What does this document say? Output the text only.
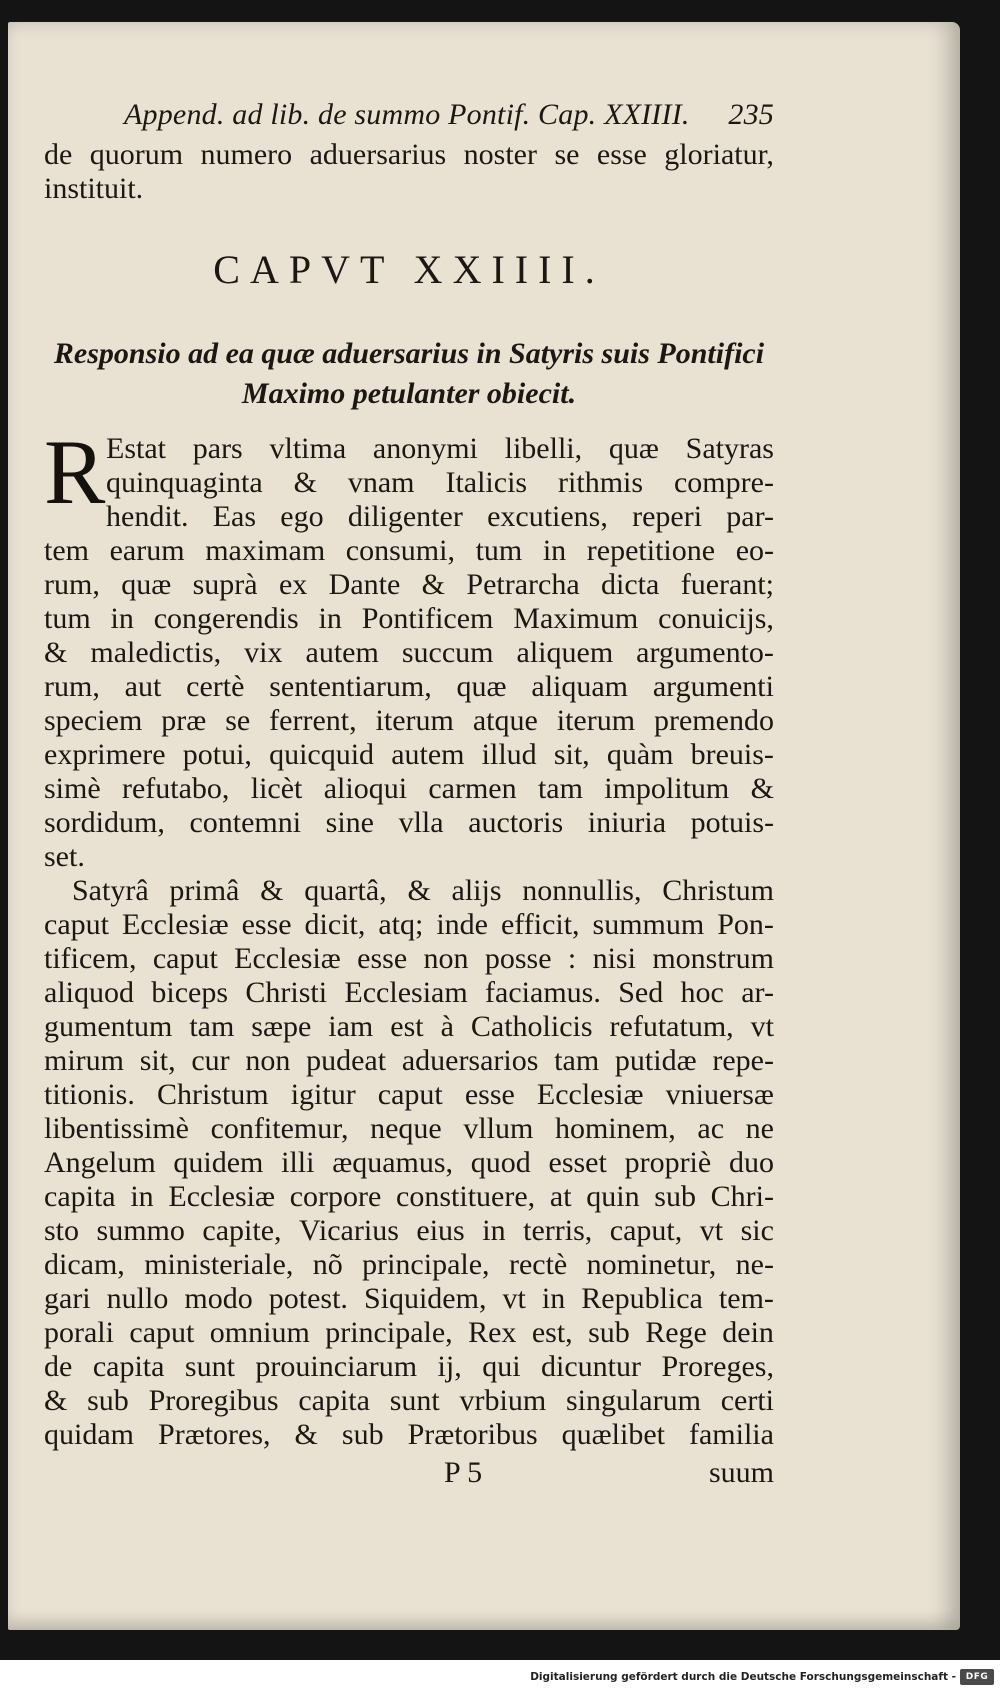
Append. ad lib. de summo Pontif. Cap. XXIIII. 235
de quorum numero aduersarius noster se esse gloriatur,
instituit.
CAPVT XXIIII.
Responsio ad ea quæ aduersarius in Satyris suis Pontifici
Maximo petulanter obiecit.
R Estat pars vltima anonymi libelli, quæ Satyras
quinquaginta & vnam Italicis rithmis compre-
hendit. Eas ego diligenter excutiens, reperi par-
tem earum maximam consumi, tum in repetitione eo-
rum, quæ suprà ex Dante & Petrarcha dicta fuerant;
tum in congerendis in Pontificem Maximum conuicijs,
& maledictis, vix autem succum aliquem argumento-
rum, aut certè sententiarum, quæ aliquam argumenti
speciem præ se ferrent, iterum atque iterum premendo
exprimere potui, quicquid autem illud sit, quàm breuis-
simè refutabo, licèt alioqui carmen tam impolitum &
sordidum, contemni sine vlla auctoris iniuria potuis-
set.
Satyrâ primâ & quartâ, & alijs nonnullis, Christum
caput Ecclesiæ esse dicit, atq; inde efficit, summum Pon-
tificem, caput Ecclesiæ esse non posse : nisi monstrum
aliquod biceps Christi Ecclesiam faciamus. Sed hoc ar-
gumentum tam sæpe iam est à Catholicis refutatum, vt
mirum sit, cur non pudeat aduersarios tam putidæ repe-
titionis. Christum igitur caput esse Ecclesiæ vniuersæ
libentissimè confitemur, neque vllum hominem, ac ne
Angelum quidem illi æquamus, quod esset propriè duo
capita in Ecclesiæ corpore constituere, at quin sub Chri-
sto summo capite, Vicarius eius in terris, caput, vt sic
dicam, ministeriale, nõ principale, rectè nominetur, ne-
gari nullo modo potest. Siquidem, vt in Republica tem-
porali caput omnium principale, Rex est, sub Rege dein
de capita sunt prouinciarum ij, qui dicuntur Proreges,
& sub Proregibus capita sunt vrbium singularum certi
quidam Prætores, & sub Prætoribus quælibet familia
P 5	suum
Digitalisierung gefördert durch die Deutsche Forschungsgemeinschaft -	DFG
